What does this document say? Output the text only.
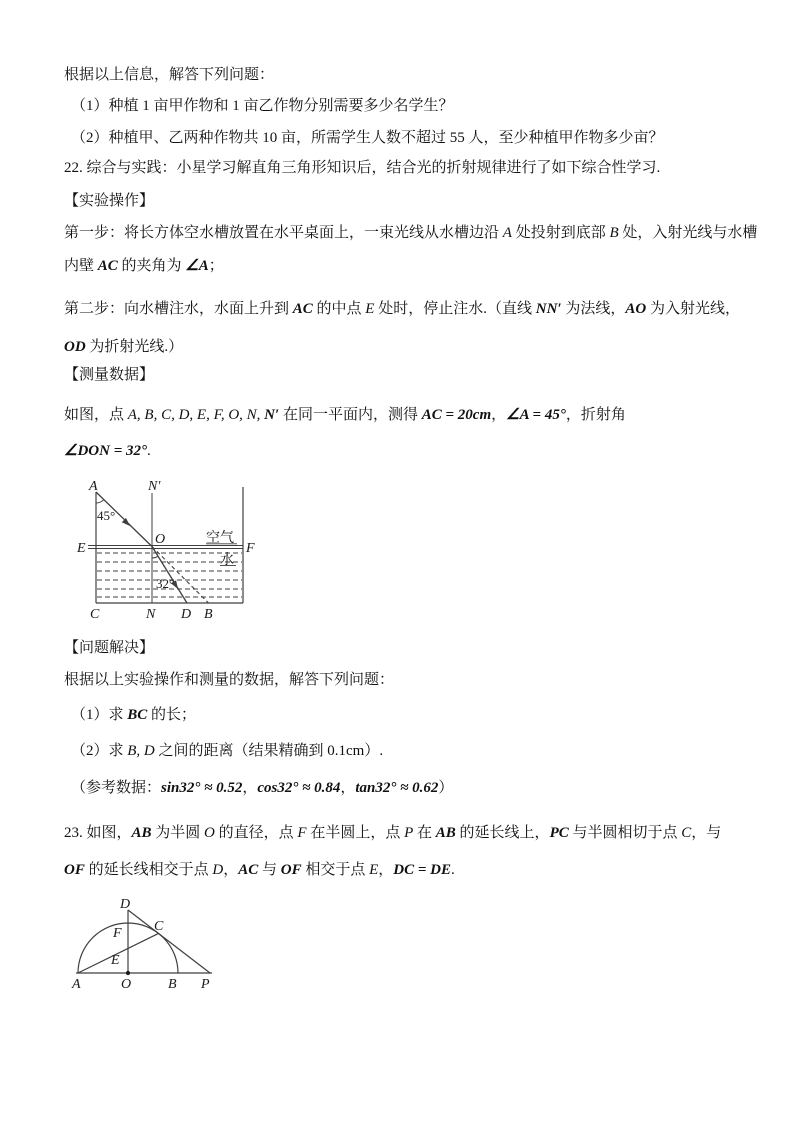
根据以上信息，解答下列问题：
（1）种植 1 亩甲作物和 1 亩乙作物分别需要多少名学生？
（2）种植甲、乙两种作物共 10 亩，所需学生人数不超过 55 人，至少种植甲作物多少亩？
22. 综合与实践：小星学习解直角三角形知识后，结合光的折射规律进行了如下综合性学习.
【实验操作】
第一步：将长方体空水槽放置在水平桌面上，一束光线从水槽边沿 A 处投射到底部 B 处，入射光线与水槽
内壁 AC 的夹角为 ∠A；
第二步：向水槽注水，水面上升到 AC 的中点 E 处时，停止注水.（直线 NN′ 为法线，AO 为入射光线，
OD 为折射光线.）
【测量数据】
如图，点 A, B, C, D, E, F, O, N, N′ 在同一平面内，测得 AC = 20cm，∠A = 45°，折射角
∠DON = 32°.
【问题解决】
根据以上实验操作和测量的数据，解答下列问题：
（1）求 BC 的长；
（2）求 B, D 之间的距离（结果精确到 0.1cm）.
（参考数据：sin32° ≈ 0.52，cos32° ≈ 0.84，tan32° ≈ 0.62）
23. 如图，AB 为半圆 O 的直径，点 F 在半圆上，点 P 在 AB 的延长线上，PC 与半圆相切于点 C，与
OF 的延长线相交于点 D，AC 与 OF 相交于点 E，DC = DE.
A	N′
45°
E
O
F
空气
水
32°
C	N D B
D
F C
E
A	O	B P
